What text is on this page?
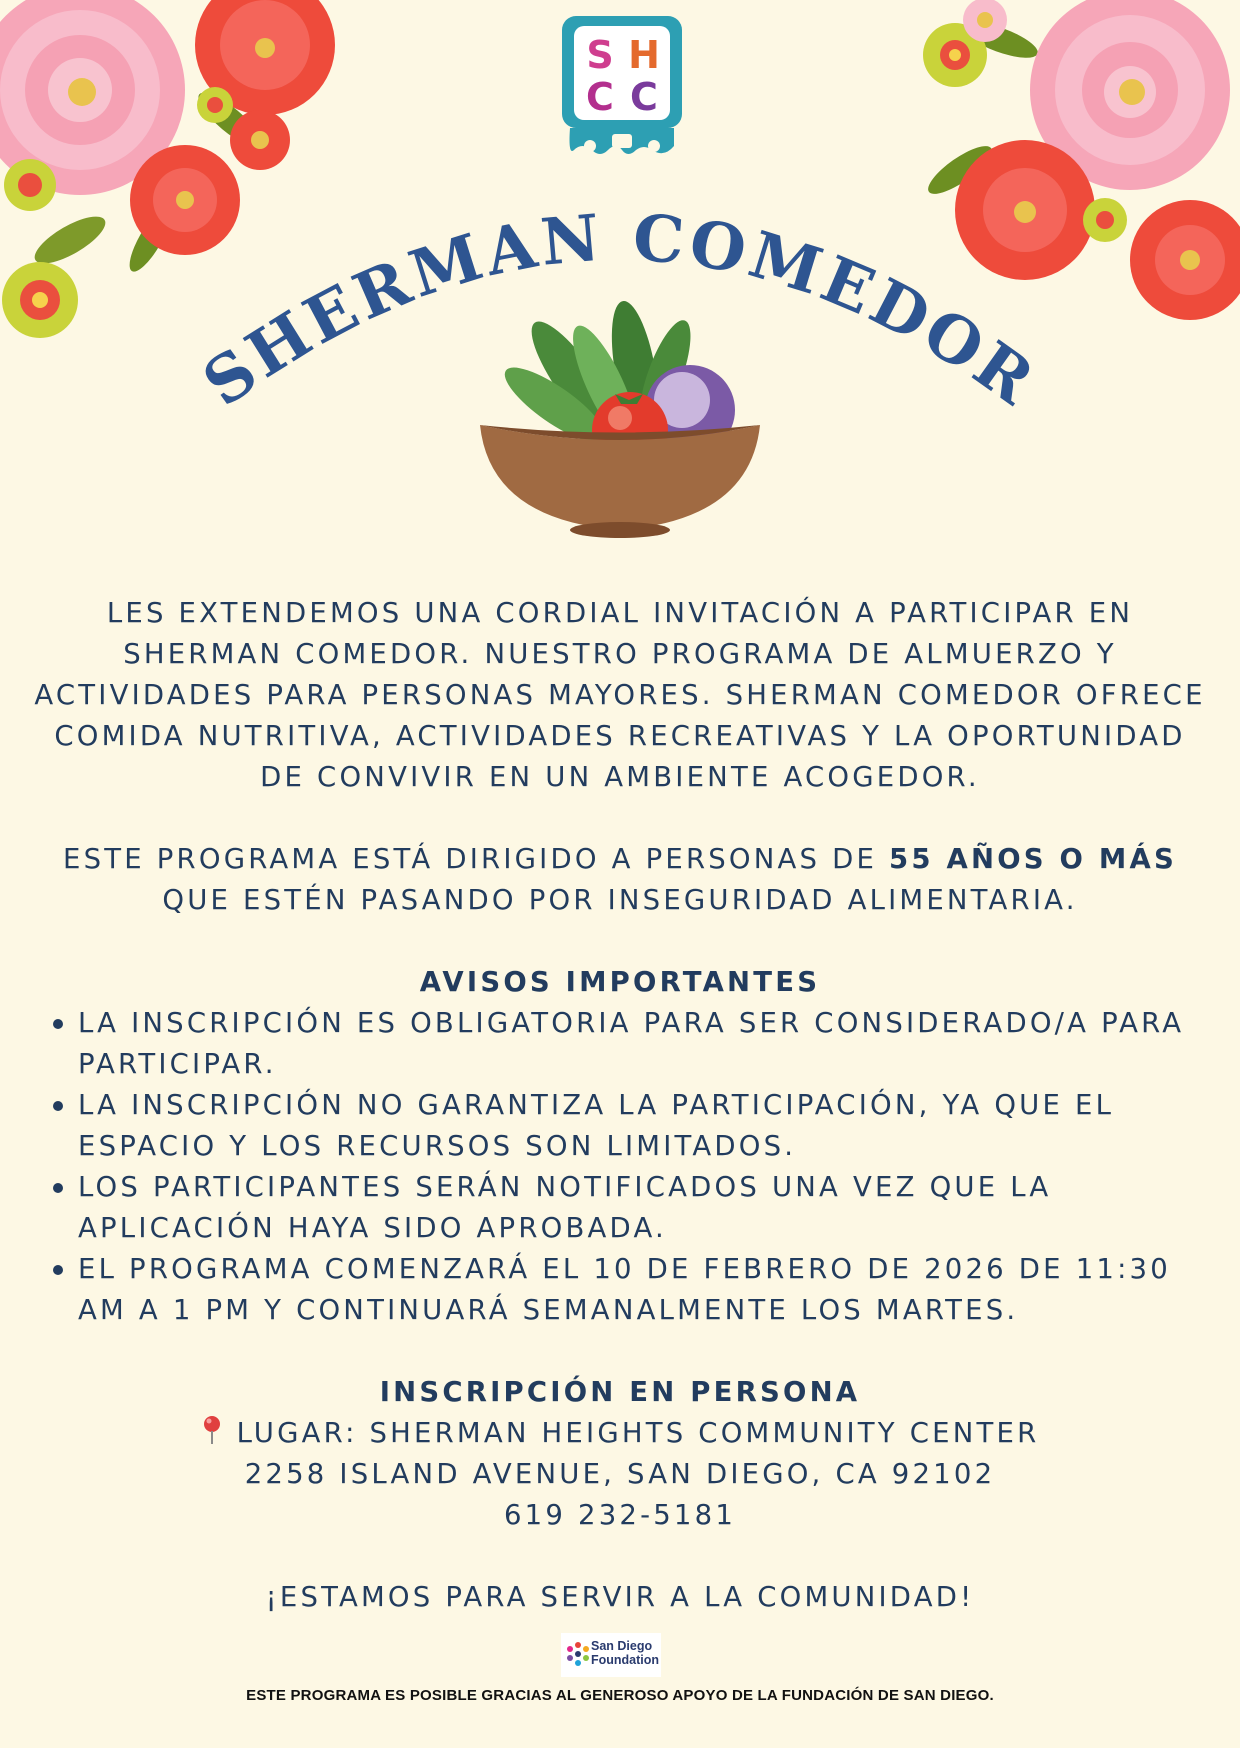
S H
C C
SHERMAN COMEDOR

LES EXTENDEMOS UNA CORDIAL INVITACIÓN A PARTICIPAR EN SHERMAN COMEDOR. NUESTRO PROGRAMA DE ALMUERZO Y ACTIVIDADES PARA PERSONAS MAYORES. SHERMAN COMEDOR OFRECE COMIDA NUTRITIVA, ACTIVIDADES RECREATIVAS Y LA OPORTUNIDAD DE CONVIVIR EN UN AMBIENTE ACOGEDOR.

ESTE PROGRAMA ESTÁ DIRIGIDO A PERSONAS DE 55 AÑOS O MÁS QUE ESTÉN PASANDO POR INSEGURIDAD ALIMENTARIA.

AVISOS IMPORTANTES

LA INSCRIPCIÓN ES OBLIGATORIA PARA SER CONSIDERADO/A PARA PARTICIPAR.
LA INSCRIPCIÓN NO GARANTIZA LA PARTICIPACIÓN, YA QUE EL ESPACIO Y LOS RECURSOS SON LIMITADOS.
LOS PARTICIPANTES SERÁN NOTIFICADOS UNA VEZ QUE LA APLICACIÓN HAYA SIDO APROBADA.
EL PROGRAMA COMENZARÁ EL 10 DE FEBRERO DE 2026 DE 11:30 AM A 1 PM Y CONTINUARÁ SEMANALMENTE LOS MARTES.

INSCRIPCIÓN EN PERSONA

LUGAR: SHERMAN HEIGHTS COMMUNITY CENTER

2258 ISLAND AVENUE, SAN DIEGO, CA 92102

619 232-5181

¡ESTAMOS PARA SERVIR A LA COMUNIDAD!

San Diego
Foundation
ESTE PROGRAMA ES POSIBLE GRACIAS AL GENEROSO APOYO DE LA FUNDACIÓN DE SAN DIEGO.
